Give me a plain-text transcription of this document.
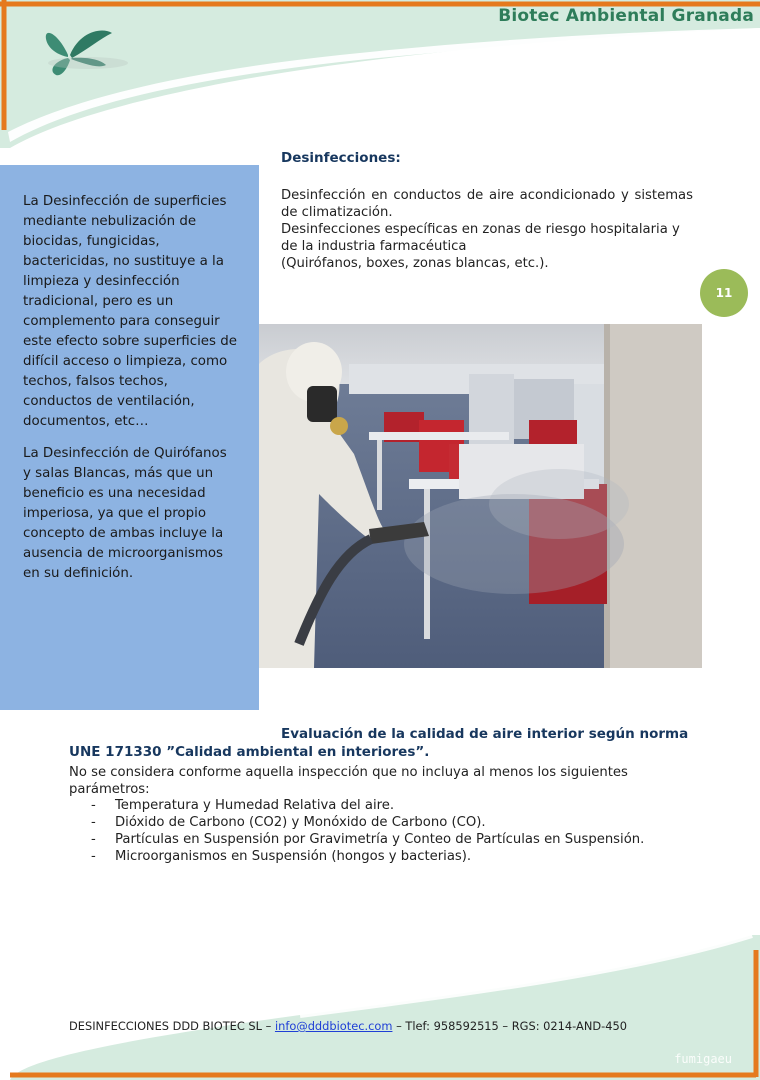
Biotec Ambiental Granada

La Desinfección de superficies mediante nebulización de biocidas, fungicidas, bactericidas, no sustituye a la limpieza y desinfección tradicional, pero es un complemento para conseguir este efecto sobre superficies de difícil acceso o limpieza, como techos, falsos techos, conductos de ventilación, documentos, etc…

La Desinfección de Quirófanos y salas Blancas, más que un beneficio es una necesidad imperiosa, ya que el propio concepto de ambas incluye la ausencia de microorganismos en su definición.

Desinfecciones:
Desinfección en conductos de aire acondicionado y sistemas de climatización.
Desinfecciones específicas en zonas de riesgo hospitalaria y de la industria farmacéutica
(Quirófanos, boxes, zonas blancas, etc.).
11
Evaluación de la calidad de aire interior según norma
UNE 171330 ”Calidad ambiental en interiores”.
No se considera conforme aquella inspección que no incluya al menos los siguientes parámetros:
- Temperatura y Humedad Relativa del aire.
- Dióxido de Carbono (CO2) y Monóxido de Carbono (CO).
- Partículas en Suspensión por Gravimetría y Conteo de Partículas en Suspensión.
- Microorganismos en Suspensión (hongos y bacterias).
DESINFECCIONES DDD BIOTEC SL – info@dddbiotec.com – Tlef: 958592515 – RGS: 0214-AND-450
fumigaeu
